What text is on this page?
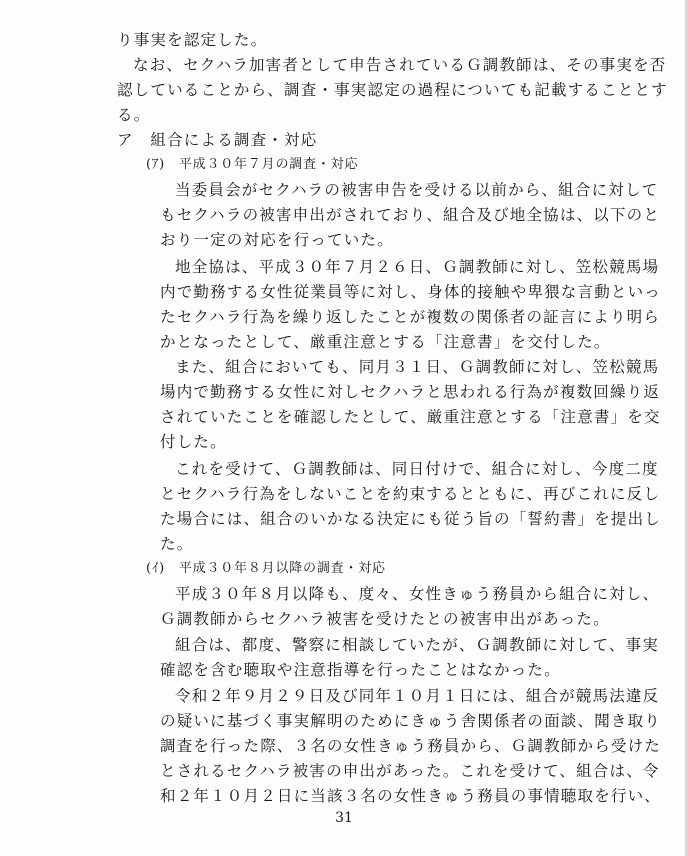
り事実を認定した。
なお、セクハラ加害者として申告されているＧ調教師は、その事実を否
認していることから、調査・事実認定の過程についても記載することとす
る。
ア　組合による調査・対応
(ｱ)　平成３０年７月の調査・対応
当委員会がセクハラの被害申告を受ける以前から、組合に対して
もセクハラの被害申出がされており、組合及び地全協は、以下のと
おり一定の対応を行っていた。
地全協は、平成３０年７月２６日、Ｇ調教師に対し、笠松競馬場
内で勤務する女性従業員等に対し、身体的接触や卑猥な言動といっ
たセクハラ行為を繰り返したことが複数の関係者の証言により明ら
かとなったとして、厳重注意とする「注意書」を交付した。
また、組合においても、同月３１日、Ｇ調教師に対し、笠松競馬
場内で勤務する女性に対しセクハラと思われる行為が複数回繰り返
されていたことを確認したとして、厳重注意とする「注意書」を交
付した。
これを受けて、Ｇ調教師は、同日付けで、組合に対し、今度二度
とセクハラ行為をしないことを約束するとともに、再びこれに反し
た場合には、組合のいかなる決定にも従う旨の「誓約書」を提出し
た。
(ｲ)　平成３０年８月以降の調査・対応
平成３０年８月以降も、度々、女性きゅう務員から組合に対し、
Ｇ調教師からセクハラ被害を受けたとの被害申出があった。
組合は、都度、警察に相談していたが、Ｇ調教師に対して、事実
確認を含む聴取や注意指導を行ったことはなかった。
令和２年９月２９日及び同年１０月１日には、組合が競馬法違反
の疑いに基づく事実解明のためにきゅう舎関係者の面談、聞き取り
調査を行った際、３名の女性きゅう務員から、Ｇ調教師から受けた
とされるセクハラ被害の申出があった。これを受けて、組合は、令
和２年１０月２日に当該３名の女性きゅう務員の事情聴取を行い、
31
